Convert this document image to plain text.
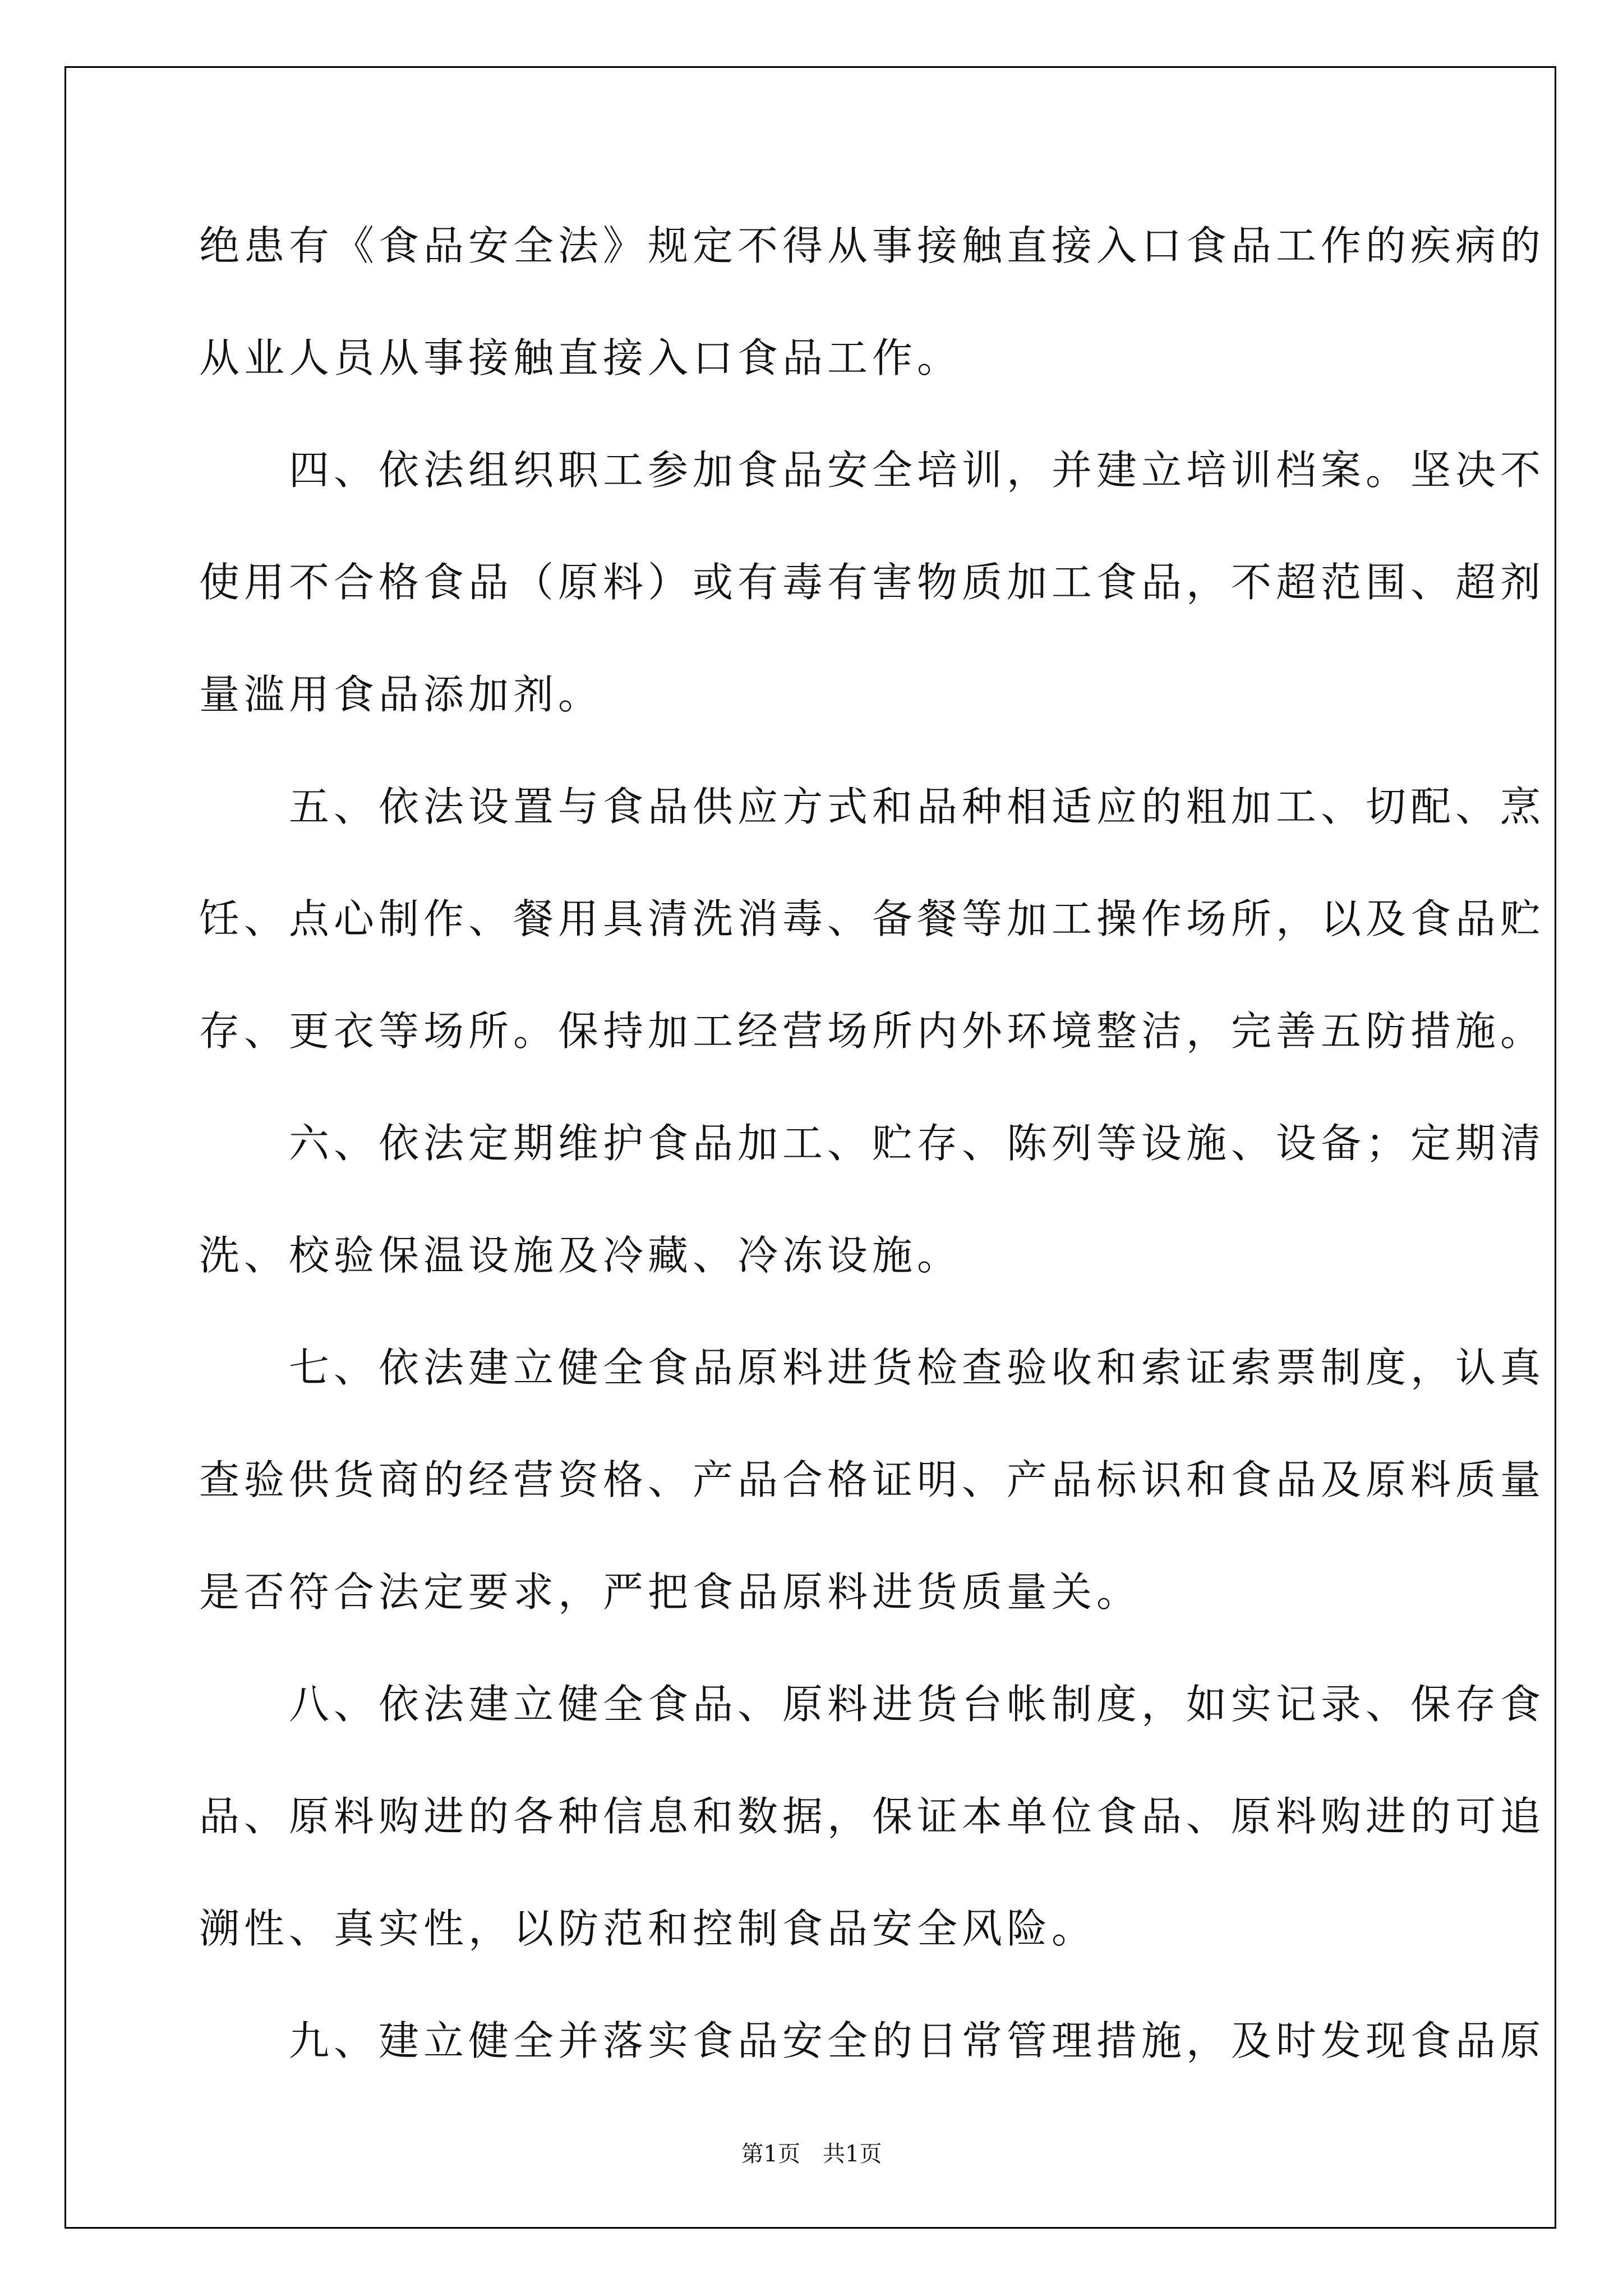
绝患有《食品安全法》规定不得从事接触直接入口食品工作的疾病的
从业人员从事接触直接入口食品工作。
　　四、依法组织职工参加食品安全培训，并建立培训档案。坚决不
使用不合格食品（原料）或有毒有害物质加工食品，不超范围、超剂
量滥用食品添加剂。
　　五、依法设置与食品供应方式和品种相适应的粗加工、切配、烹
饪、点心制作、餐用具清洗消毒、备餐等加工操作场所，以及食品贮
存、更衣等场所。保持加工经营场所内外环境整洁，完善五防措施。
　　六、依法定期维护食品加工、贮存、陈列等设施、设备；定期清
洗、校验保温设施及冷藏、冷冻设施。
　　七、依法建立健全食品原料进货检查验收和索证索票制度，认真
查验供货商的经营资格、产品合格证明、产品标识和食品及原料质量
是否符合法定要求，严把食品原料进货质量关。
　　八、依法建立健全食品、原料进货台帐制度，如实记录、保存食
品、原料购进的各种信息和数据，保证本单位食品、原料购进的可追
溯性、真实性，以防范和控制食品安全风险。
　　九、建立健全并落实食品安全的日常管理措施，及时发现食品原
第1页　共1页
